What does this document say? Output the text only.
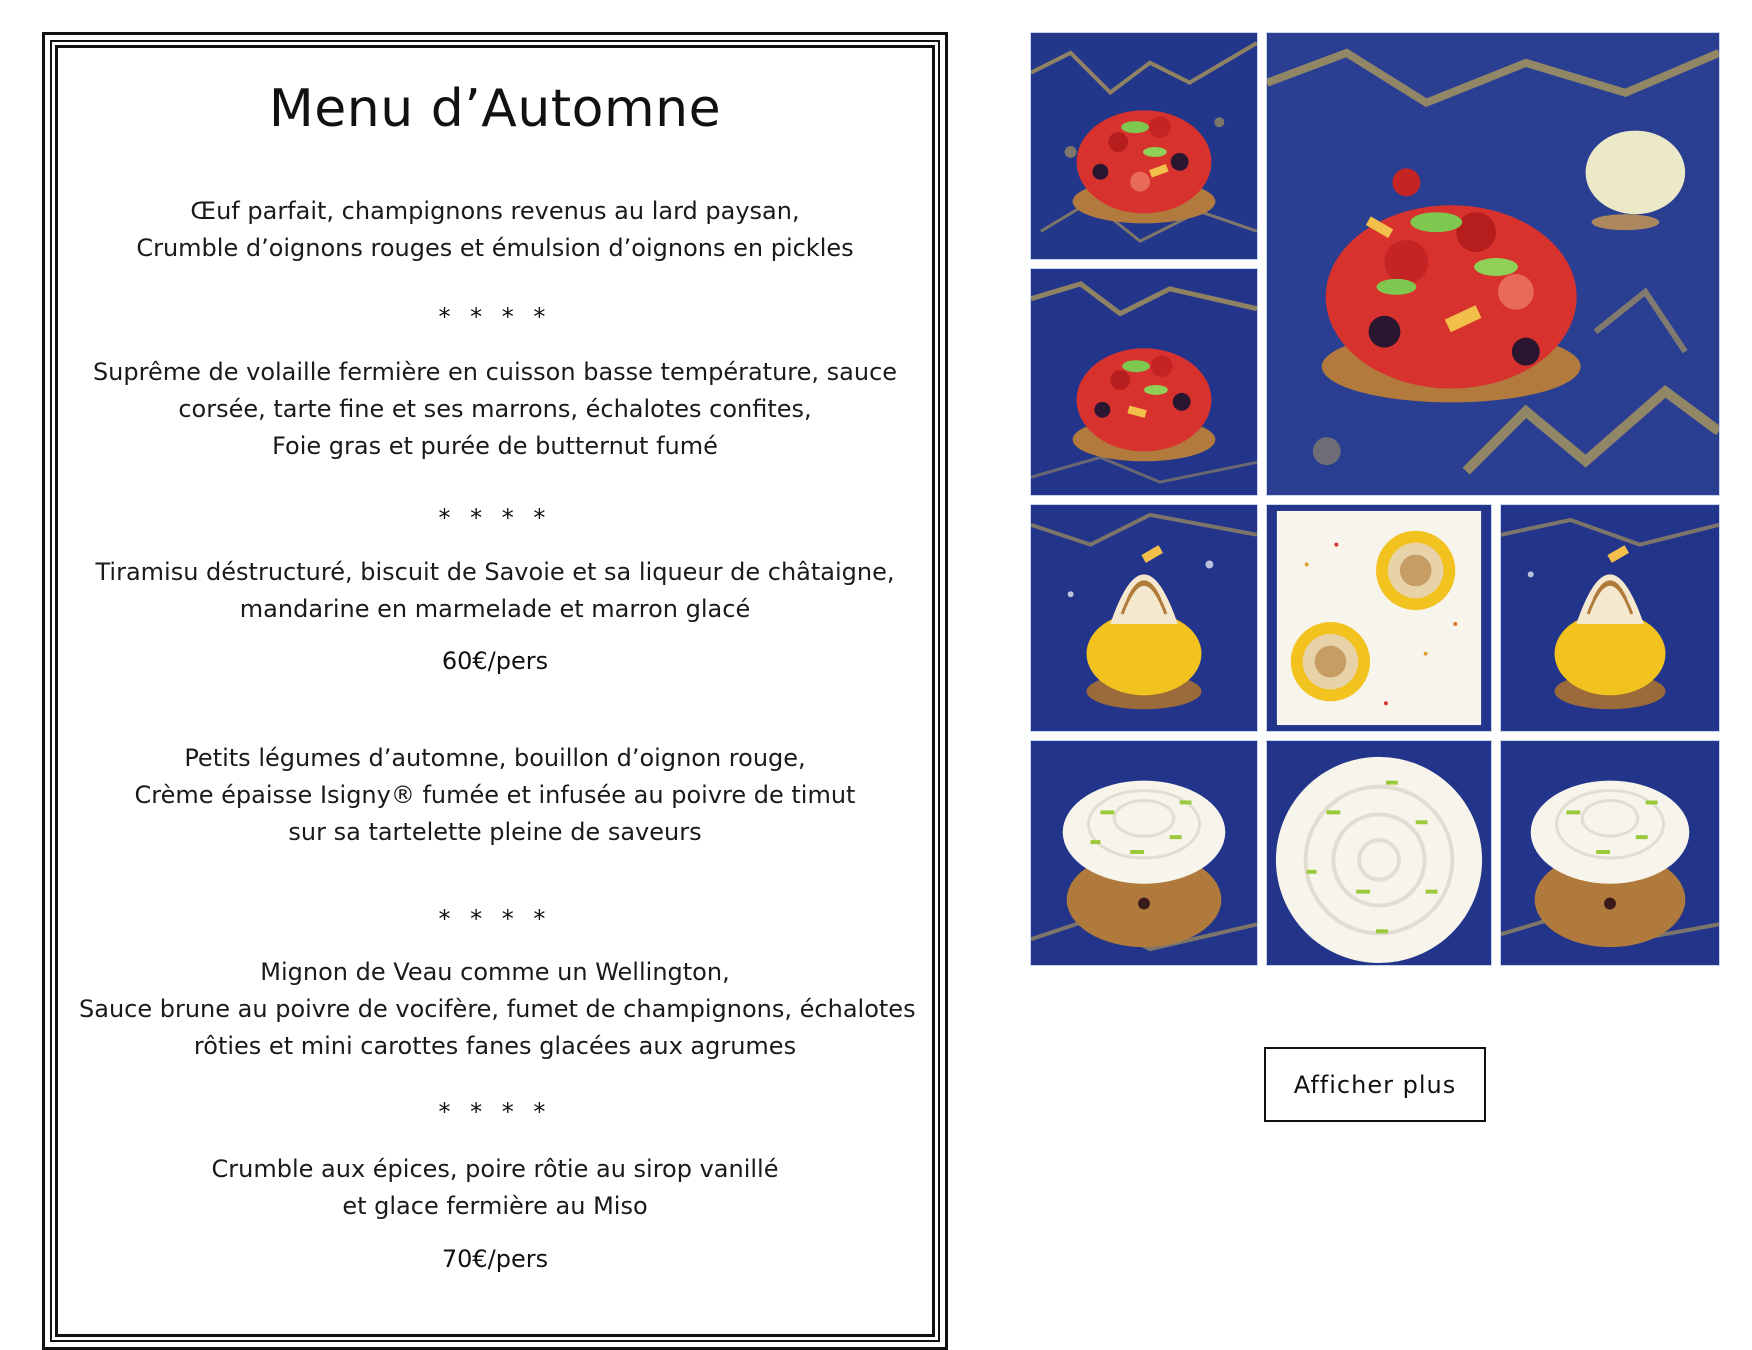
Menu d’Automne
Œuf parfait, champignons revenus au lard paysan,
Crumble d’oignons rouges et émulsion d’oignons en pickles
* * * *
Suprême de volaille fermière en cuisson basse température, sauce
corsée, tarte fine et ses marrons, échalotes confites,
Foie gras et purée de butternut fumé
* * * *
Tiramisu déstructuré, biscuit de Savoie et sa liqueur de châtaigne,
mandarine en marmelade et marron glacé
60€/pers
Petits légumes d’automne, bouillon d’oignon rouge,
Crème épaisse Isigny® fumée et infusée au poivre de timut
sur sa tartelette pleine de saveurs
* * * *
Mignon de Veau comme un Wellington,
Sauce brune au poivre de vocifère, fumet de champignons, échalotes
rôties et mini carottes fanes glacées aux agrumes
* * * *
Crumble aux épices, poire rôtie au sirop vanillé
et glace fermière au Miso
70€/pers
Afficher plus
